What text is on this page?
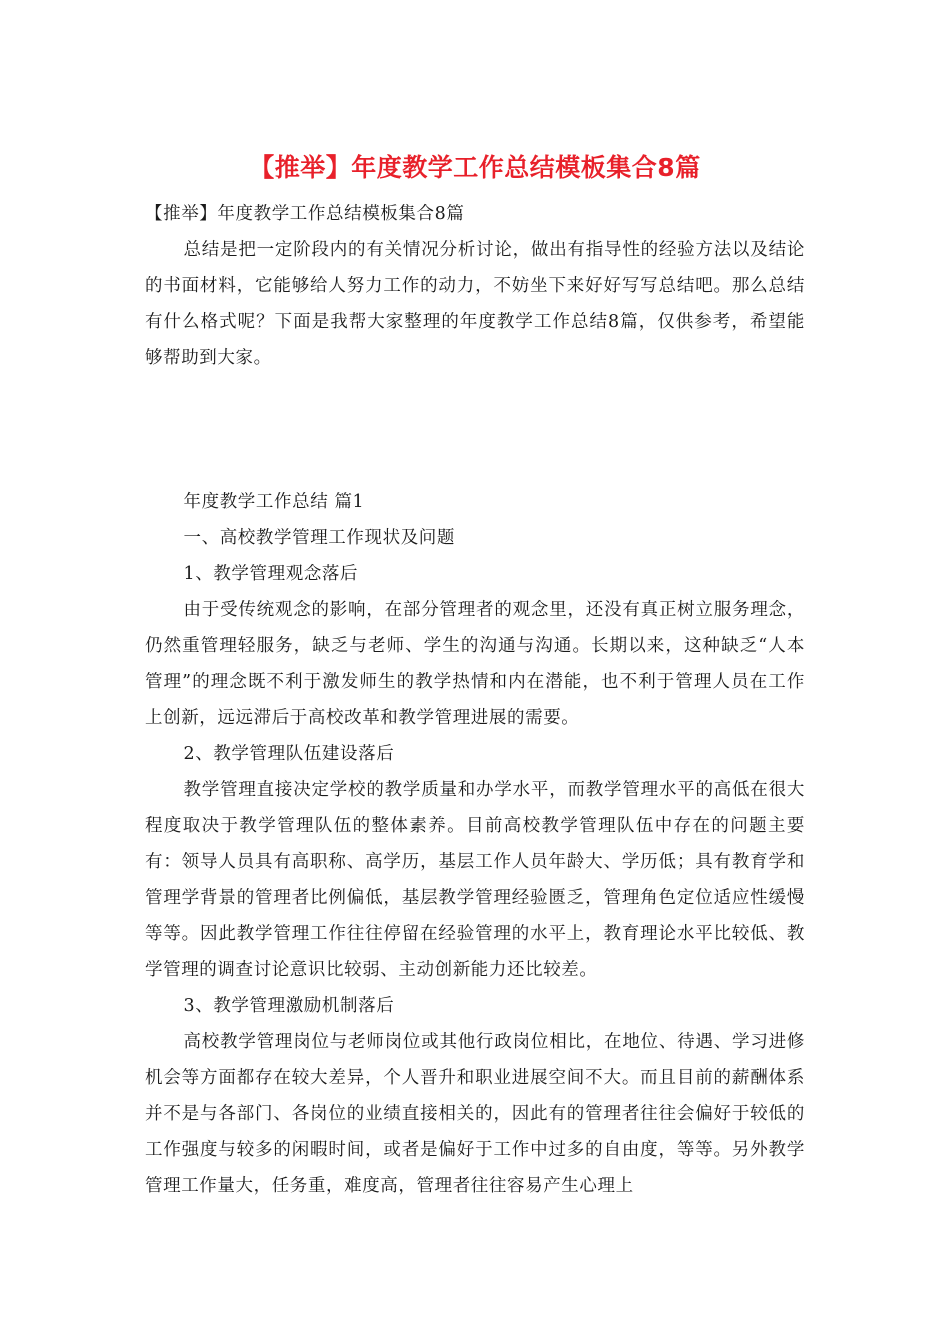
【推举】年度教学工作总结模板集合8篇

【推举】年度教学工作总结模板集合8篇

总结是把一定阶段内的有关情况分析讨论，做出有指导性的经验方法以及结论的书面材料，它能够给人努力工作的动力，不妨坐下来好好写写总结吧。那么总结有什么格式呢？下面是我帮大家整理的年度教学工作总结8篇，仅供参考，希望能够帮助到大家。

年度教学工作总结 篇1

一、高校教学管理工作现状及问题

1、教学管理观念落后

由于受传统观念的影响，在部分管理者的观念里，还没有真正树立服务理念，仍然重管理轻服务，缺乏与老师、学生的沟通与沟通。长期以来，这种缺乏“人本管理”的理念既不利于激发师生的教学热情和内在潜能，也不利于管理人员在工作上创新，远远滞后于高校改革和教学管理进展的需要。

2、教学管理队伍建设落后

教学管理直接决定学校的教学质量和办学水平，而教学管理水平的高低在很大程度取决于教学管理队伍的整体素养。目前高校教学管理队伍中存在的问题主要有：领导人员具有高职称、高学历，基层工作人员年龄大、学历低；具有教育学和管理学背景的管理者比例偏低，基层教学管理经验匮乏，管理角色定位适应性缓慢等等。因此教学管理工作往往停留在经验管理的水平上，教育理论水平比较低、教学管理的调查讨论意识比较弱、主动创新能力还比较差。

3、教学管理激励机制落后

高校教学管理岗位与老师岗位或其他行政岗位相比，在地位、待遇、学习进修机会等方面都存在较大差异，个人晋升和职业进展空间不大。而且目前的薪酬体系并不是与各部门、各岗位的业绩直接相关的，因此有的管理者往往会偏好于较低的工作强度与较多的闲暇时间，或者是偏好于工作中过多的自由度，等等。另外教学管理工作量大，任务重，难度高，管理者往往容易产生心理上
